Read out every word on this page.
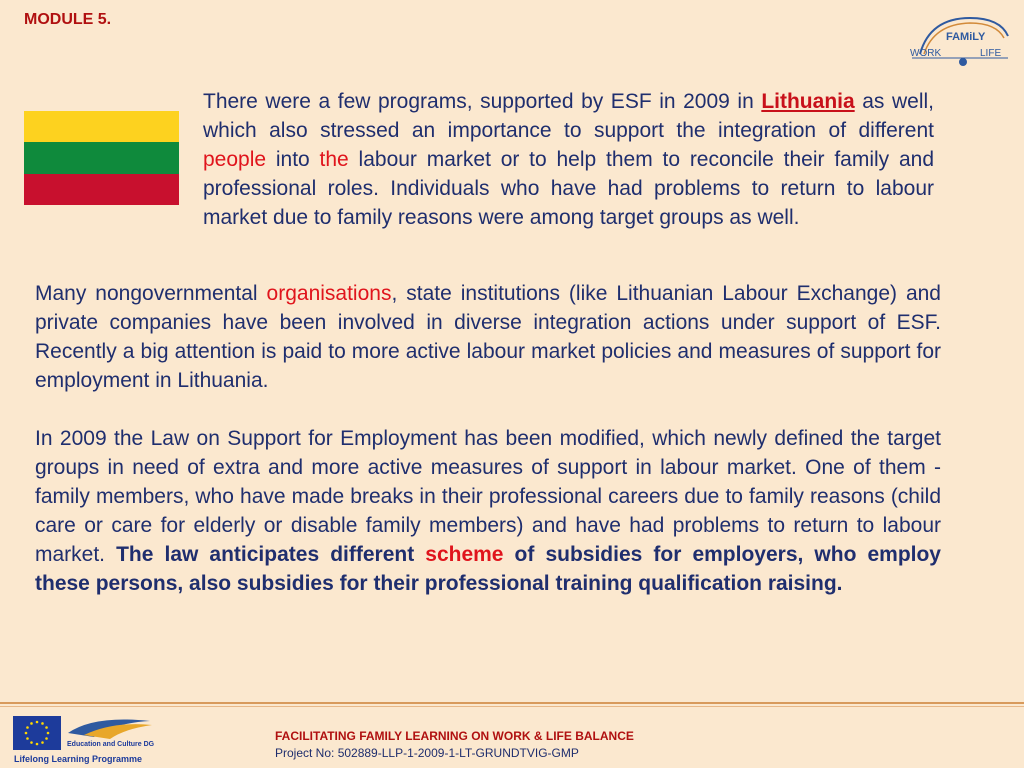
MODULE 5.
FAMiLY
WORK	LIFE

There were a few programs, supported by ESF in 2009 in Lithuania as well, which also stressed an importance to support the integration of different people into the labour market or to help them to reconcile their family and professional roles. Individuals who have had problems to return to labour market due to family reasons were among target groups as well.

Many nongovernmental organisations, state institutions (like Lithuanian Labour Exchange) and private companies have been involved in diverse integration actions under support of ESF. Recently a big attention is paid to more active labour market policies and measures of support for employment in Lithuania.

In 2009 the Law on Support for Employment has been modified, which newly defined the target groups in need of extra and more active measures of support in labour market. One of them - family members, who have made breaks in their professional careers due to family reasons (child care or care for elderly or disable family members) and have had problems to return to labour market. The law anticipates different scheme of subsidies for employers, who employ these persons, also subsidies for their professional training qualification raising.

Education and Culture DG
Lifelong Learning Programme
FACILITATING FAMILY LEARNING ON WORK & LIFE BALANCE
Project No: 502889-LLP-1-2009-1-LT-GRUNDTVIG-GMP
